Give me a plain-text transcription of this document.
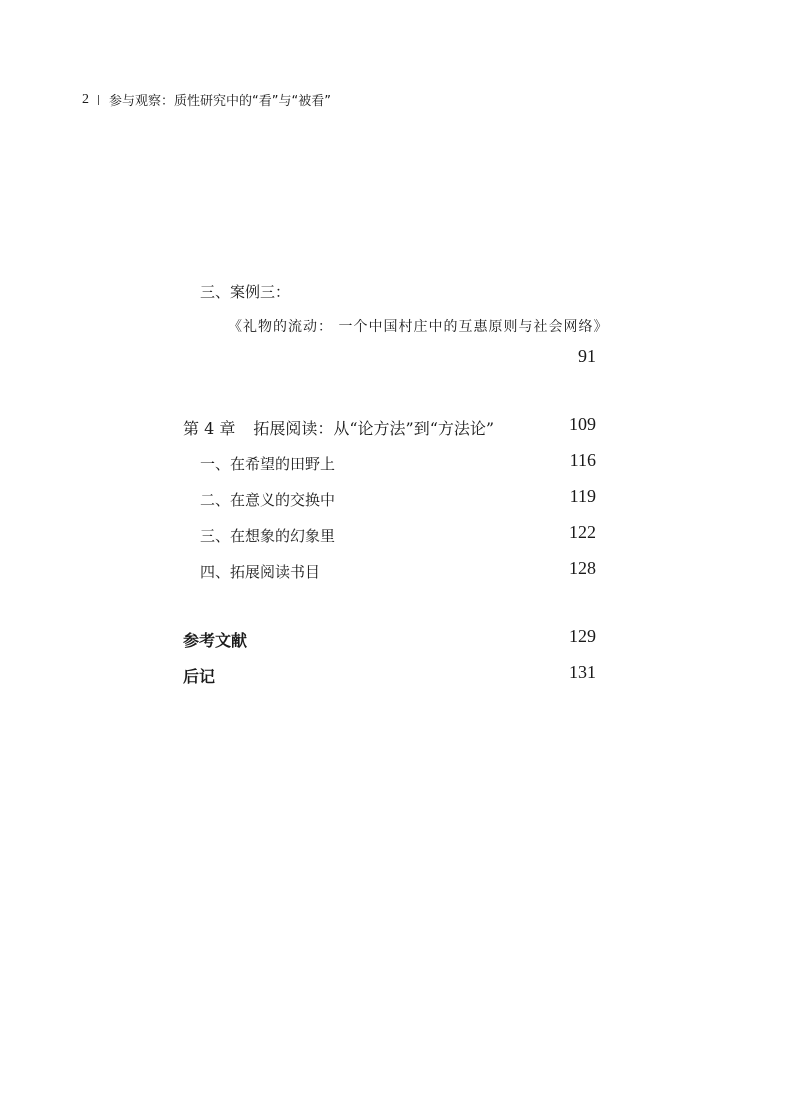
2 参与观察：质性研究中的“看”与“被看”
三、案例三：
《礼物的流动： 一个中国村庄中的互惠原则与社会网络》
91
第 4 章 拓展阅读：从“论方法”到“方法论”	109
一、在希望的田野上	116
二、在意义的交换中	119
三、在想象的幻象里	122
四、拓展阅读书目	128
参考文献	129
后记	131
